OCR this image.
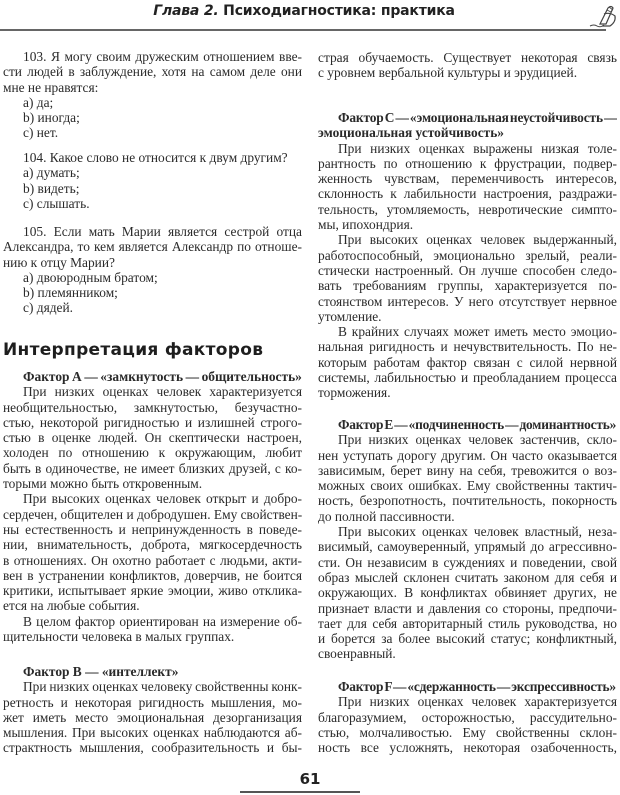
Глава 2. Психодиагностика: практика
103. Я могу своим дружеским отношением вве-
сти людей в заблуждение, хотя на самом деле они
мне не нравятся:
a) да;
b) иногда;
c) нет.
104. Какое слово не относится к двум другим?
a) думать;
b) видеть;
c) слышать.
105. Если мать Марии является сестрой отца
Александра, то кем является Александр по отноше-
нию к отцу Марии?
a) двоюродным братом;
b) племянником;
c) дядей.
Интерпретация факторов
Фактор А — «замкнутость — общительность»
При низких оценках человек характеризуется
необщительностью, замкнутостью, безучастно-
стью, некоторой ригидностью и излишней строго-
стью в оценке людей. Он скептически настроен,
холоден по отношению к окружающим, любит
быть в одиночестве, не имеет близких друзей, с ко-
торыми можно быть откровенным.
При высоких оценках человек открыт и добро-
сердечен, общителен и добродушен. Ему свойствен-
ны естественность и непринужденность в поведе-
нии, внимательность, доброта, мягкосердечность
в отношениях. Он охотно работает с людьми, акти-
вен в устранении конфликтов, доверчив, не боится
критики, испытывает яркие эмоции, живо откликa-
ется на любые события.
В целом фактор ориентирован на измерение об-
щительности человека в малых группах.
Фактор В — «интеллект»
При низких оценках человеку свойственны конк-
ретность и некоторая ригидность мышления, мо-
жет иметь место эмоциональная дезорганизация
мышления. При высоких оценках наблюдаются аб-
страктность мышления, сообразительность и бы-
страя обучаемость. Существует некоторая связь
с уровнем вербальной культуры и эрудицией.
Фактор С — «эмоциональная неустойчивость —
эмоциональная устойчивость»
При низких оценках выражены низкая толе-
рантность по отношению к фрустрации, подвер-
женность чувствам, переменчивость интересов,
склонность к лабильности настроения, раздражи-
тельность, утомляемость, невротические симпто-
мы, ипохондрия.
При высоких оценках человек выдержанный,
работоспособный, эмоционально зрелый, реали-
стически настроенный. Он лучше способен следо-
вать требованиям группы, характеризуется по-
стоянством интересов. У него отсутствует нервное
утомление.
В крайних случаях может иметь место эмоцио-
нальная ригидность и нечувствительность. По не-
которым работам фактор связан с силой нервной
системы, лабильностью и преобладанием процесса
торможения.
Фактор Е — «подчиненность — доминантность»
При низких оценках человек застенчив, скло-
нен уступать дорогу другим. Он часто оказывается
зависимым, берет вину на себя, тревожится о воз-
можных своих ошибках. Ему свойственны тактич-
ность, безропотность, почтительность, покорность
до полной пассивности.
При высоких оценках человек властный, неза-
висимый, самоуверенный, упрямый до агрессивно-
сти. Он независим в суждениях и поведении, свой
образ мыслей склонен считать законом для себя и
окружающих. В конфликтах обвиняет других, не
признает власти и давления со стороны, предпочи-
тает для себя авторитарный стиль руководства, но
и борется за более высокий статус; конфликтный,
своенравный.
Фактор F — «сдержанность — экспрессивность»
При низких оценках человек характеризуется
благоразумием, осторожностью, рассудительно-
стью, молчаливостью. Ему свойственны склон-
ность все усложнять, некоторая озабоченность,
61
